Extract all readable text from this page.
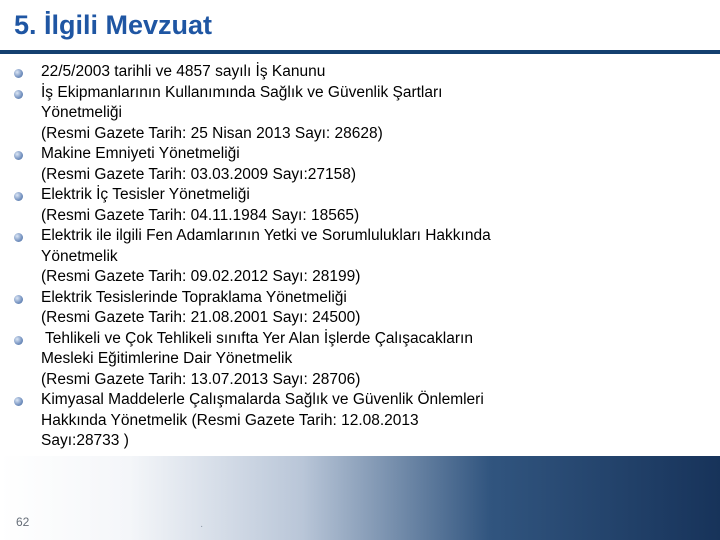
5. İlgili Mevzuat
22/5/2003 tarihli ve 4857 sayılı İş Kanunu
İş Ekipmanlarının Kullanımında Sağlık ve Güvenlik Şartları
Yönetmeliği
(Resmi Gazete Tarih: 25 Nisan 2013 Sayı: 28628)
Makine Emniyeti Yönetmeliği
(Resmi Gazete Tarih: 03.03.2009 Sayı:27158)
Elektrik İç Tesisler Yönetmeliği
(Resmi Gazete Tarih: 04.11.1984 Sayı: 18565)
Elektrik ile ilgili Fen Adamlarının Yetki ve Sorumlulukları Hakkında
Yönetmelik
(Resmi Gazete Tarih: 09.02.2012 Sayı: 28199)
Elektrik Tesislerinde Topraklama Yönetmeliği
(Resmi Gazete Tarih: 21.08.2001 Sayı: 24500)
Tehlikeli ve Çok Tehlikeli sınıfta Yer Alan İşlerde Çalışacakların
Mesleki Eğitimlerine Dair Yönetmelik
(Resmi Gazete Tarih: 13.07.2013 Sayı: 28706)
Kimyasal Maddelerle Çalışmalarda Sağlık ve Güvenlik Önlemleri
Hakkında Yönetmelik (Resmi Gazete Tarih: 12.08.2013
Sayı:28733 )
62	·
